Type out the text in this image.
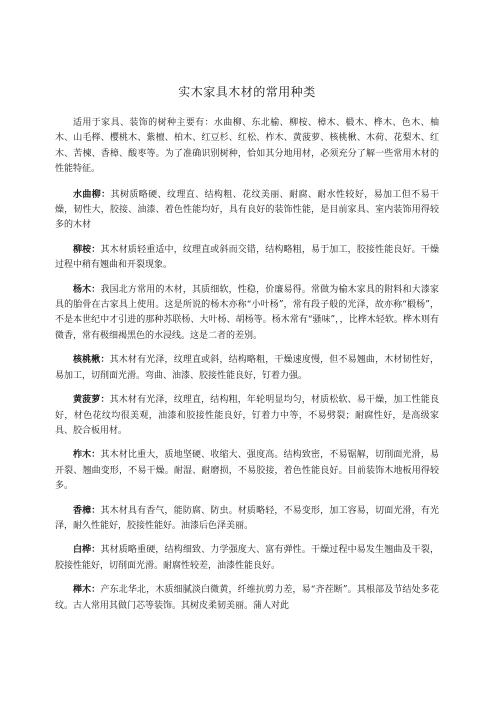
实木家具木材的常用种类

适用于家具、装饰的树种主要有：水曲柳、东北榆、柳桉、樟木、椴木、桦木、色木、柚木、山毛榉、樱桃木、紫檀、柏木、红豆杉、红松、柞木、黄菠萝、核桃楸、木荷、花梨木、红木、苦楝、香樟、酸枣等。为了准确识别树种，恰如其分地用材，必须充分了解一些常用木材的性能特征。

水曲柳：其树质略硬、纹理直、结构粗、花纹美丽、耐腐、耐水性较好，易加工但不易干燥，韧性大，胶接、油漆、着色性能均好，具有良好的装饰性能，是目前家具、室内装饰用得较多的木材

柳桉：其木材质轻重适中，纹理直或斜而交错，结构略粗，易于加工，胶接性能良好。干燥过程中稍有翘曲和开裂现象。

杨木：我国北方常用的木材，其质细软，性稳，价廉易得。常做为榆木家具的附料和大漆家具的胎骨在古家具上使用。这是所说的杨木亦称“小叶杨”，常有段子般的光泽，故亦称“椴杨”，不是本世纪中才引进的那种苏联杨、大叶杨、胡杨等。杨木常有“骚味”，，比桦木轻软。桦木则有微香，常有极细褐黑色的水浸线。这是二者的差别。

核桃楸：其木材有光泽，纹理直或斜，结构略粗，干燥速度慢，但不易翘曲，木材韧性好，易加工，切削面光滑。弯曲、油漆、胶接性能良好，钉着力强。

黄菠萝：其木材有光泽，纹理直，结构粗，年轮明显均匀，材质松软、易干燥，加工性能良好，材色花纹均很美观，油漆和胶接性能良好，钉着力中等，不易劈裂；耐腐性好，是高级家具、胶合板用材。

柞木：其木材比重大，质地坚硬、收缩大、强度高。结构致密，不易锯解，切削面光滑，易开裂、翘曲变形，不易干燥。耐湿、耐磨损，不易胶接，着色性能良好。目前装饰木地板用得较多。

香樟：其木材具有香气，能防腐、防虫。材质略轻，不易变形，加工容易，切面光滑，有光泽，耐久性能好，胶接性能好。油漆后色泽美丽。

白桦：其材质略重硬，结构细致、力学强度大、富有弹性。干燥过程中易发生翘曲及干裂，胶接性能好，切削面光滑。耐腐性较差，油漆性能良好。

榉木：产东北华北，木质细腻淡白微黄，纤维抗剪力差，易“齐茬断”。其根部及节结处多花纹。古人常用其做门芯等装饰。其树皮柔韧美丽。蒲人对此
